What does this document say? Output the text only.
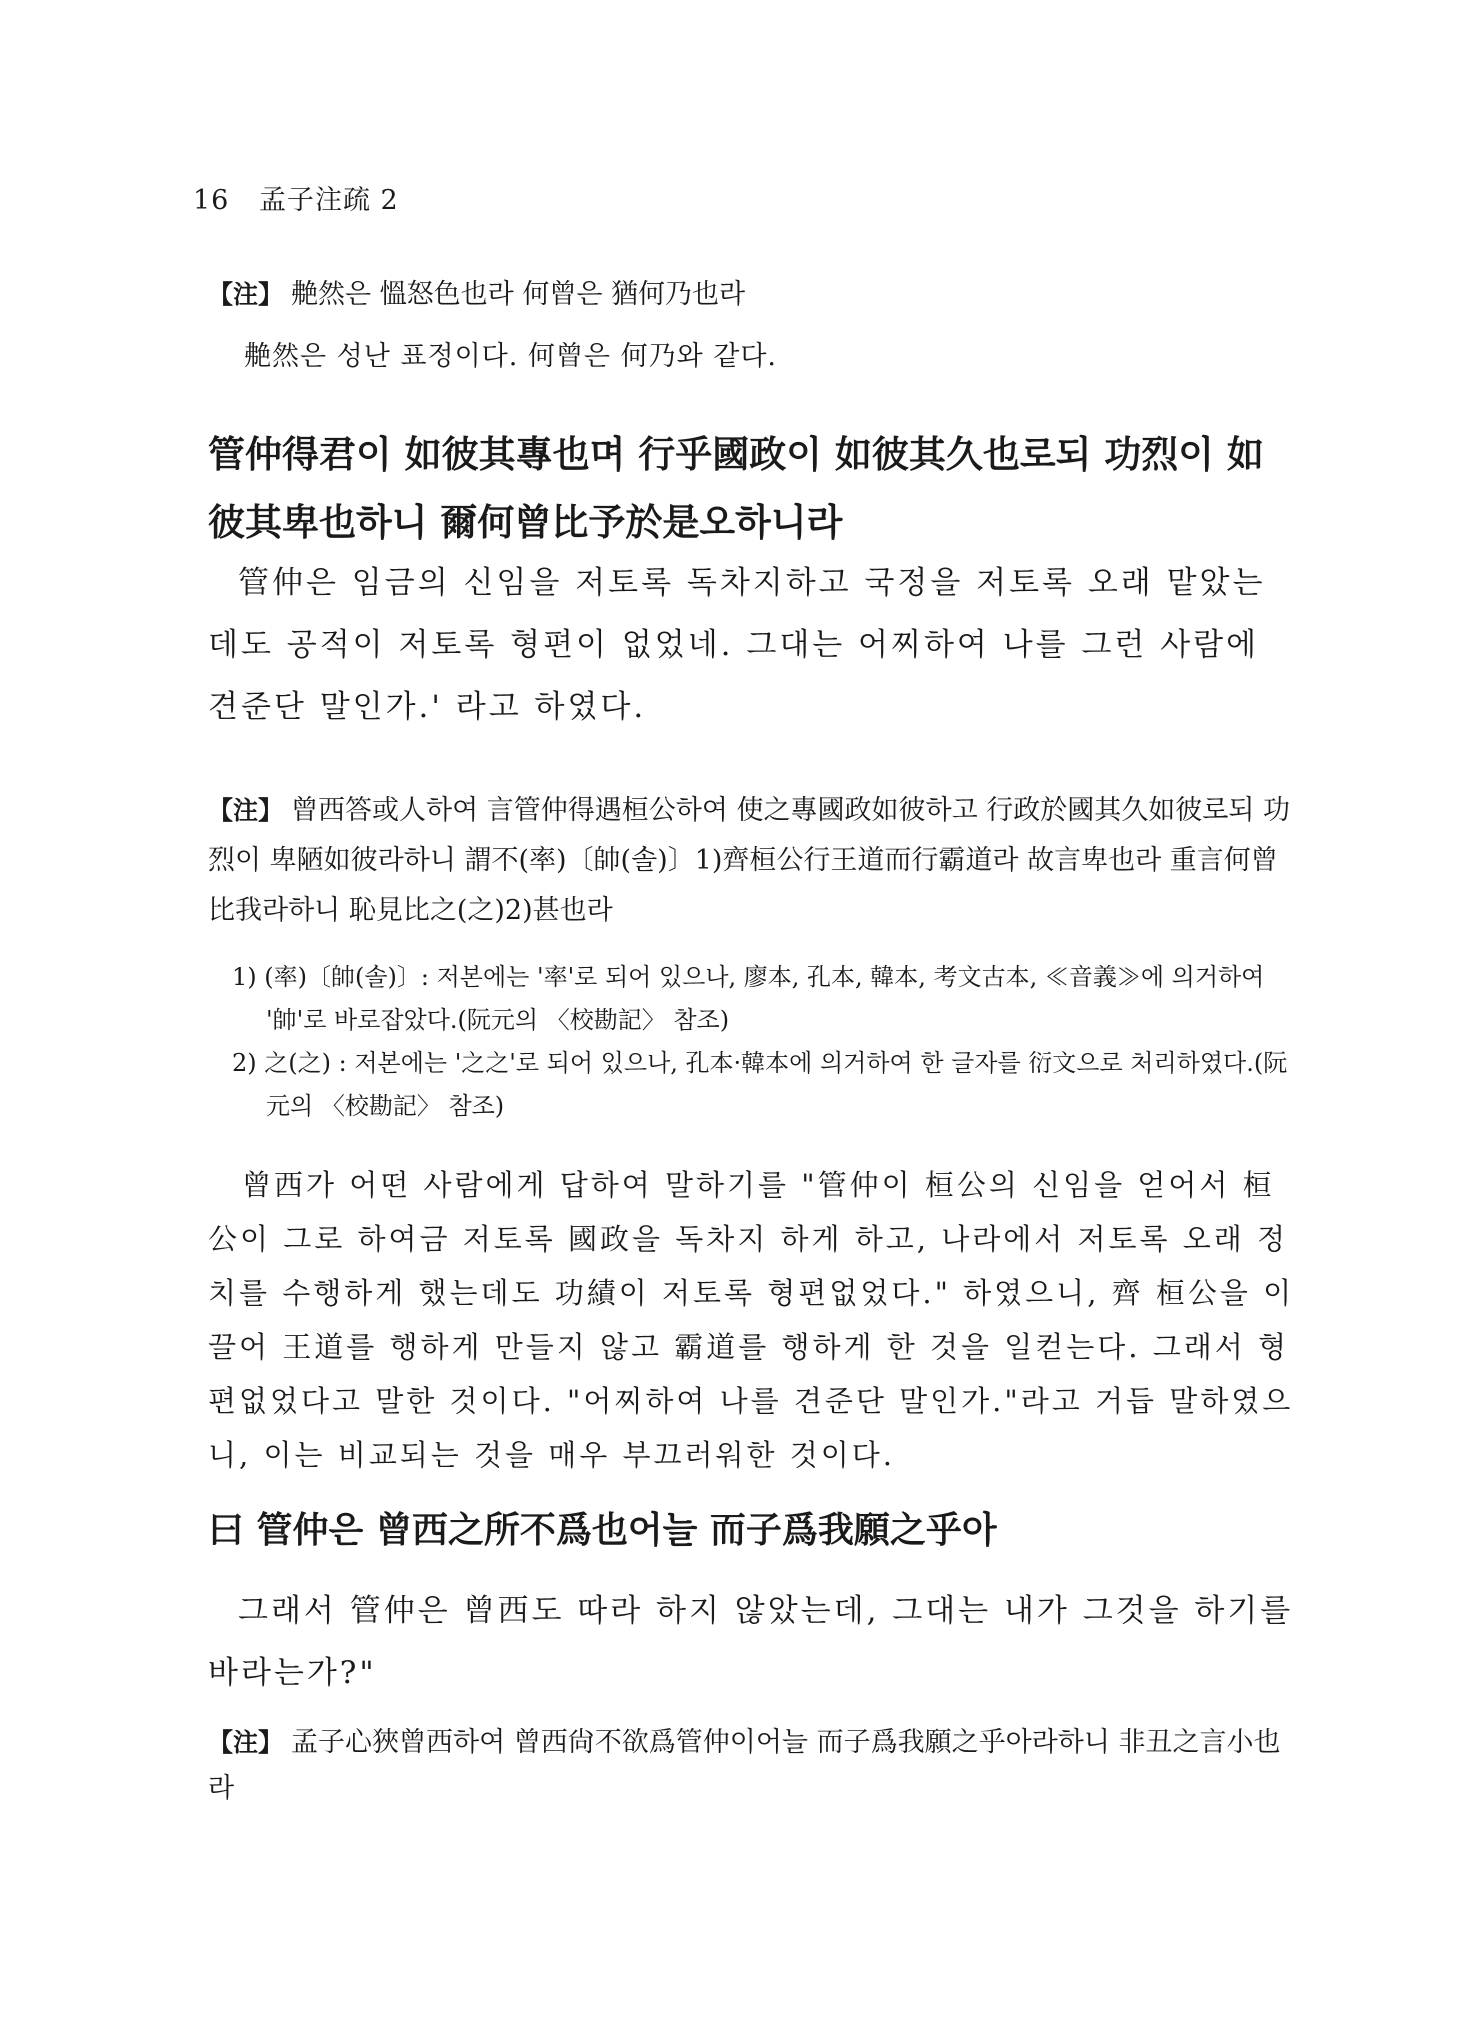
16 孟子注疏 2
【注】 艴然은 慍怒色也라 何曾은 猶何乃也라

艴然은 성난 표정이다. 何曾은 何乃와 같다.

管仲得君이 如彼其專也며 行乎國政이 如彼其久也로되 功烈이 如彼其卑也하니 爾何曾比予於是오하니라

管仲은 임금의 신임을 저토록 독차지하고 국정을 저토록 오래 맡았는데도 공적이 저토록 형편이 없었네. 그대는 어찌하여 나를 그런 사람에 견준단 말인가.' 라고 하였다.

【注】 曾西答或人하여 言管仲得遇桓公하여 使之專國政如彼하고 行政於國其久如彼로되 功烈이 卑陋如彼라하니 謂不(率)〔帥(솔)〕1)齊桓公行王道而行霸道라 故言卑也라 重言何曾比我라하니 恥見比之(之)2)甚也라

1) (率)〔帥(솔)〕: 저본에는 '率'로 되어 있으나, 廖本, 孔本, 韓本, 考文古本, ≪音義≫에 의거하여 '帥'로 바로잡았다.(阮元의 〈校勘記〉 참조)

2) 之(之) : 저본에는 '之之'로 되어 있으나, 孔本·韓本에 의거하여 한 글자를 衍文으로 처리하였다.(阮元의 〈校勘記〉 참조)

曾西가 어떤 사람에게 답하여 말하기를 "管仲이 桓公의 신임을 얻어서 桓公이 그로 하여금 저토록 國政을 독차지 하게 하고, 나라에서 저토록 오래 정치를 수행하게 했는데도 功績이 저토록 형편없었다." 하였으니, 齊 桓公을 이끌어 王道를 행하게 만들지 않고 霸道를 행하게 한 것을 일컫는다. 그래서 형편없었다고 말한 것이다. "어찌하여 나를 견준단 말인가."라고 거듭 말하였으니, 이는 비교되는 것을 매우 부끄러워한 것이다.

曰 管仲은 曾西之所不爲也어늘 而子爲我願之乎아

그래서 管仲은 曾西도 따라 하지 않았는데, 그대는 내가 그것을 하기를 바라는가?"

【注】 孟子心狹曾西하여 曾西尙不欲爲管仲이어늘 而子爲我願之乎아라하니 非丑之言小也라
